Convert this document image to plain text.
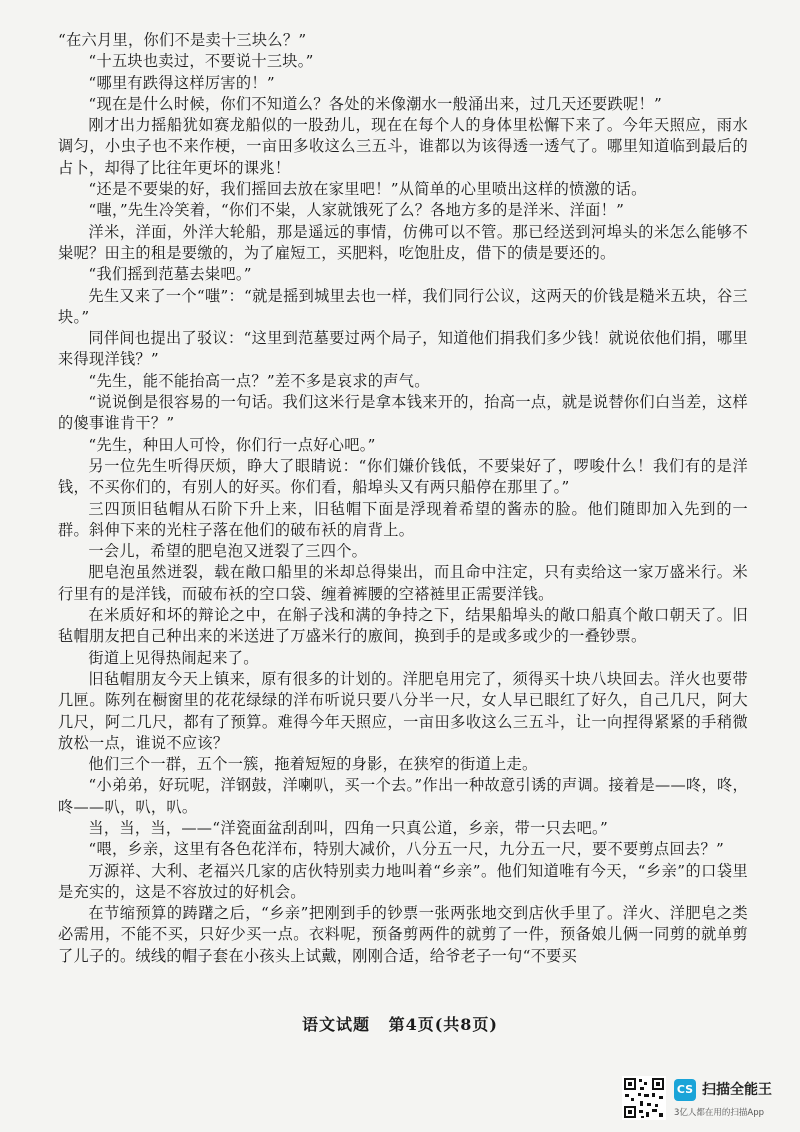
“在六月里，你们不是卖十三块么？”

“十五块也卖过，不要说十三块。”

“哪里有跌得这样厉害的！”

“现在是什么时候，你们不知道么？各处的米像潮水一般涌出来，过几天还要跌呢！”

刚才出力摇船犹如赛龙船似的一股劲儿，现在在每个人的身体里松懈下来了。今年天照应，雨水调匀，小虫子也不来作梗，一亩田多收这么三五斗，谁都以为该得透一透气了。哪里知道临到最后的占卜，却得了比往年更坏的课兆！

“还是不要粜的好，我们摇回去放在家里吧！”从简单的心里喷出这样的愤激的话。

“嗤，”先生冷笑着，“你们不粜，人家就饿死了么？各地方多的是洋米、洋面！”

洋米，洋面，外洋大轮船，那是遥远的事情，仿佛可以不管。那已经送到河埠头的米怎么能够不粜呢？田主的租是要缴的，为了雇短工，买肥料，吃饱肚皮，借下的债是要还的。

“我们摇到范墓去粜吧。”

先生又来了一个“嗤”：“就是摇到城里去也一样，我们同行公议，这两天的价钱是糙米五块，谷三块。”

同伴间也提出了驳议：“这里到范墓要过两个局子，知道他们捐我们多少钱！就说依他们捐，哪里来得现洋钱？”

“先生，能不能抬高一点？”差不多是哀求的声气。

“说说倒是很容易的一句话。我们这米行是拿本钱来开的，抬高一点，就是说替你们白当差，这样的傻事谁肯干？”

“先生，种田人可怜，你们行一点好心吧。”

另一位先生听得厌烦，睁大了眼睛说：“你们嫌价钱低，不要粜好了，啰唆什么！我们有的是洋钱，不买你们的，有别人的好买。你们看，船埠头又有两只船停在那里了。”

三四顶旧毡帽从石阶下升上来，旧毡帽下面是浮现着希望的酱赤的脸。他们随即加入先到的一群。斜伸下来的光柱子落在他们的破布袄的肩背上。

一会儿，希望的肥皂泡又迸裂了三四个。

肥皂泡虽然迸裂，载在敞口船里的米却总得粜出，而且命中注定，只有卖给这一家万盛米行。米行里有的是洋钱，而破布袄的空口袋、缠着裤腰的空褡裢里正需要洋钱。

在米质好和坏的辩论之中，在斛子浅和满的争持之下，结果船埠头的敞口船真个敞口朝天了。旧毡帽朋友把自己种出来的米送进了万盛米行的廒间，换到手的是或多或少的一叠钞票。

街道上见得热闹起来了。

旧毡帽朋友今天上镇来，原有很多的计划的。洋肥皂用完了，须得买十块八块回去。洋火也要带几匣。陈列在橱窗里的花花绿绿的洋布听说只要八分半一尺，女人早已眼红了好久，自己几尺，阿大几尺，阿二几尺，都有了预算。难得今年天照应，一亩田多收这么三五斗，让一向捏得紧紧的手稍微放松一点，谁说不应该？

他们三个一群，五个一簇，拖着短短的身影，在狭窄的街道上走。

“小弟弟，好玩呢，洋钢鼓，洋喇叭，买一个去。”作出一种故意引诱的声调。接着是——咚，咚，咚——叭，叭，叭。

当，当，当，——“洋瓷面盆刮刮叫，四角一只真公道，乡亲，带一只去吧。”

“喂，乡亲，这里有各色花洋布，特别大减价，八分五一尺，九分五一尺，要不要剪点回去？”

万源祥、大利、老福兴几家的店伙特别卖力地叫着“乡亲”。他们知道唯有今天，“乡亲”的口袋里是充实的，这是不容放过的好机会。

在节缩预算的踌躇之后，“乡亲”把刚到手的钞票一张两张地交到店伙手里了。洋火、洋肥皂之类必需用，不能不买，只好少买一点。衣料呢，预备剪两件的就剪了一件，预备娘儿俩一同剪的就单剪了儿子的。绒线的帽子套在小孩头上试戴，刚刚合适，给爷老子一句“不要买

语文试题 第4页(共8页)
CS 扫描全能王
3亿人都在用的扫描App
